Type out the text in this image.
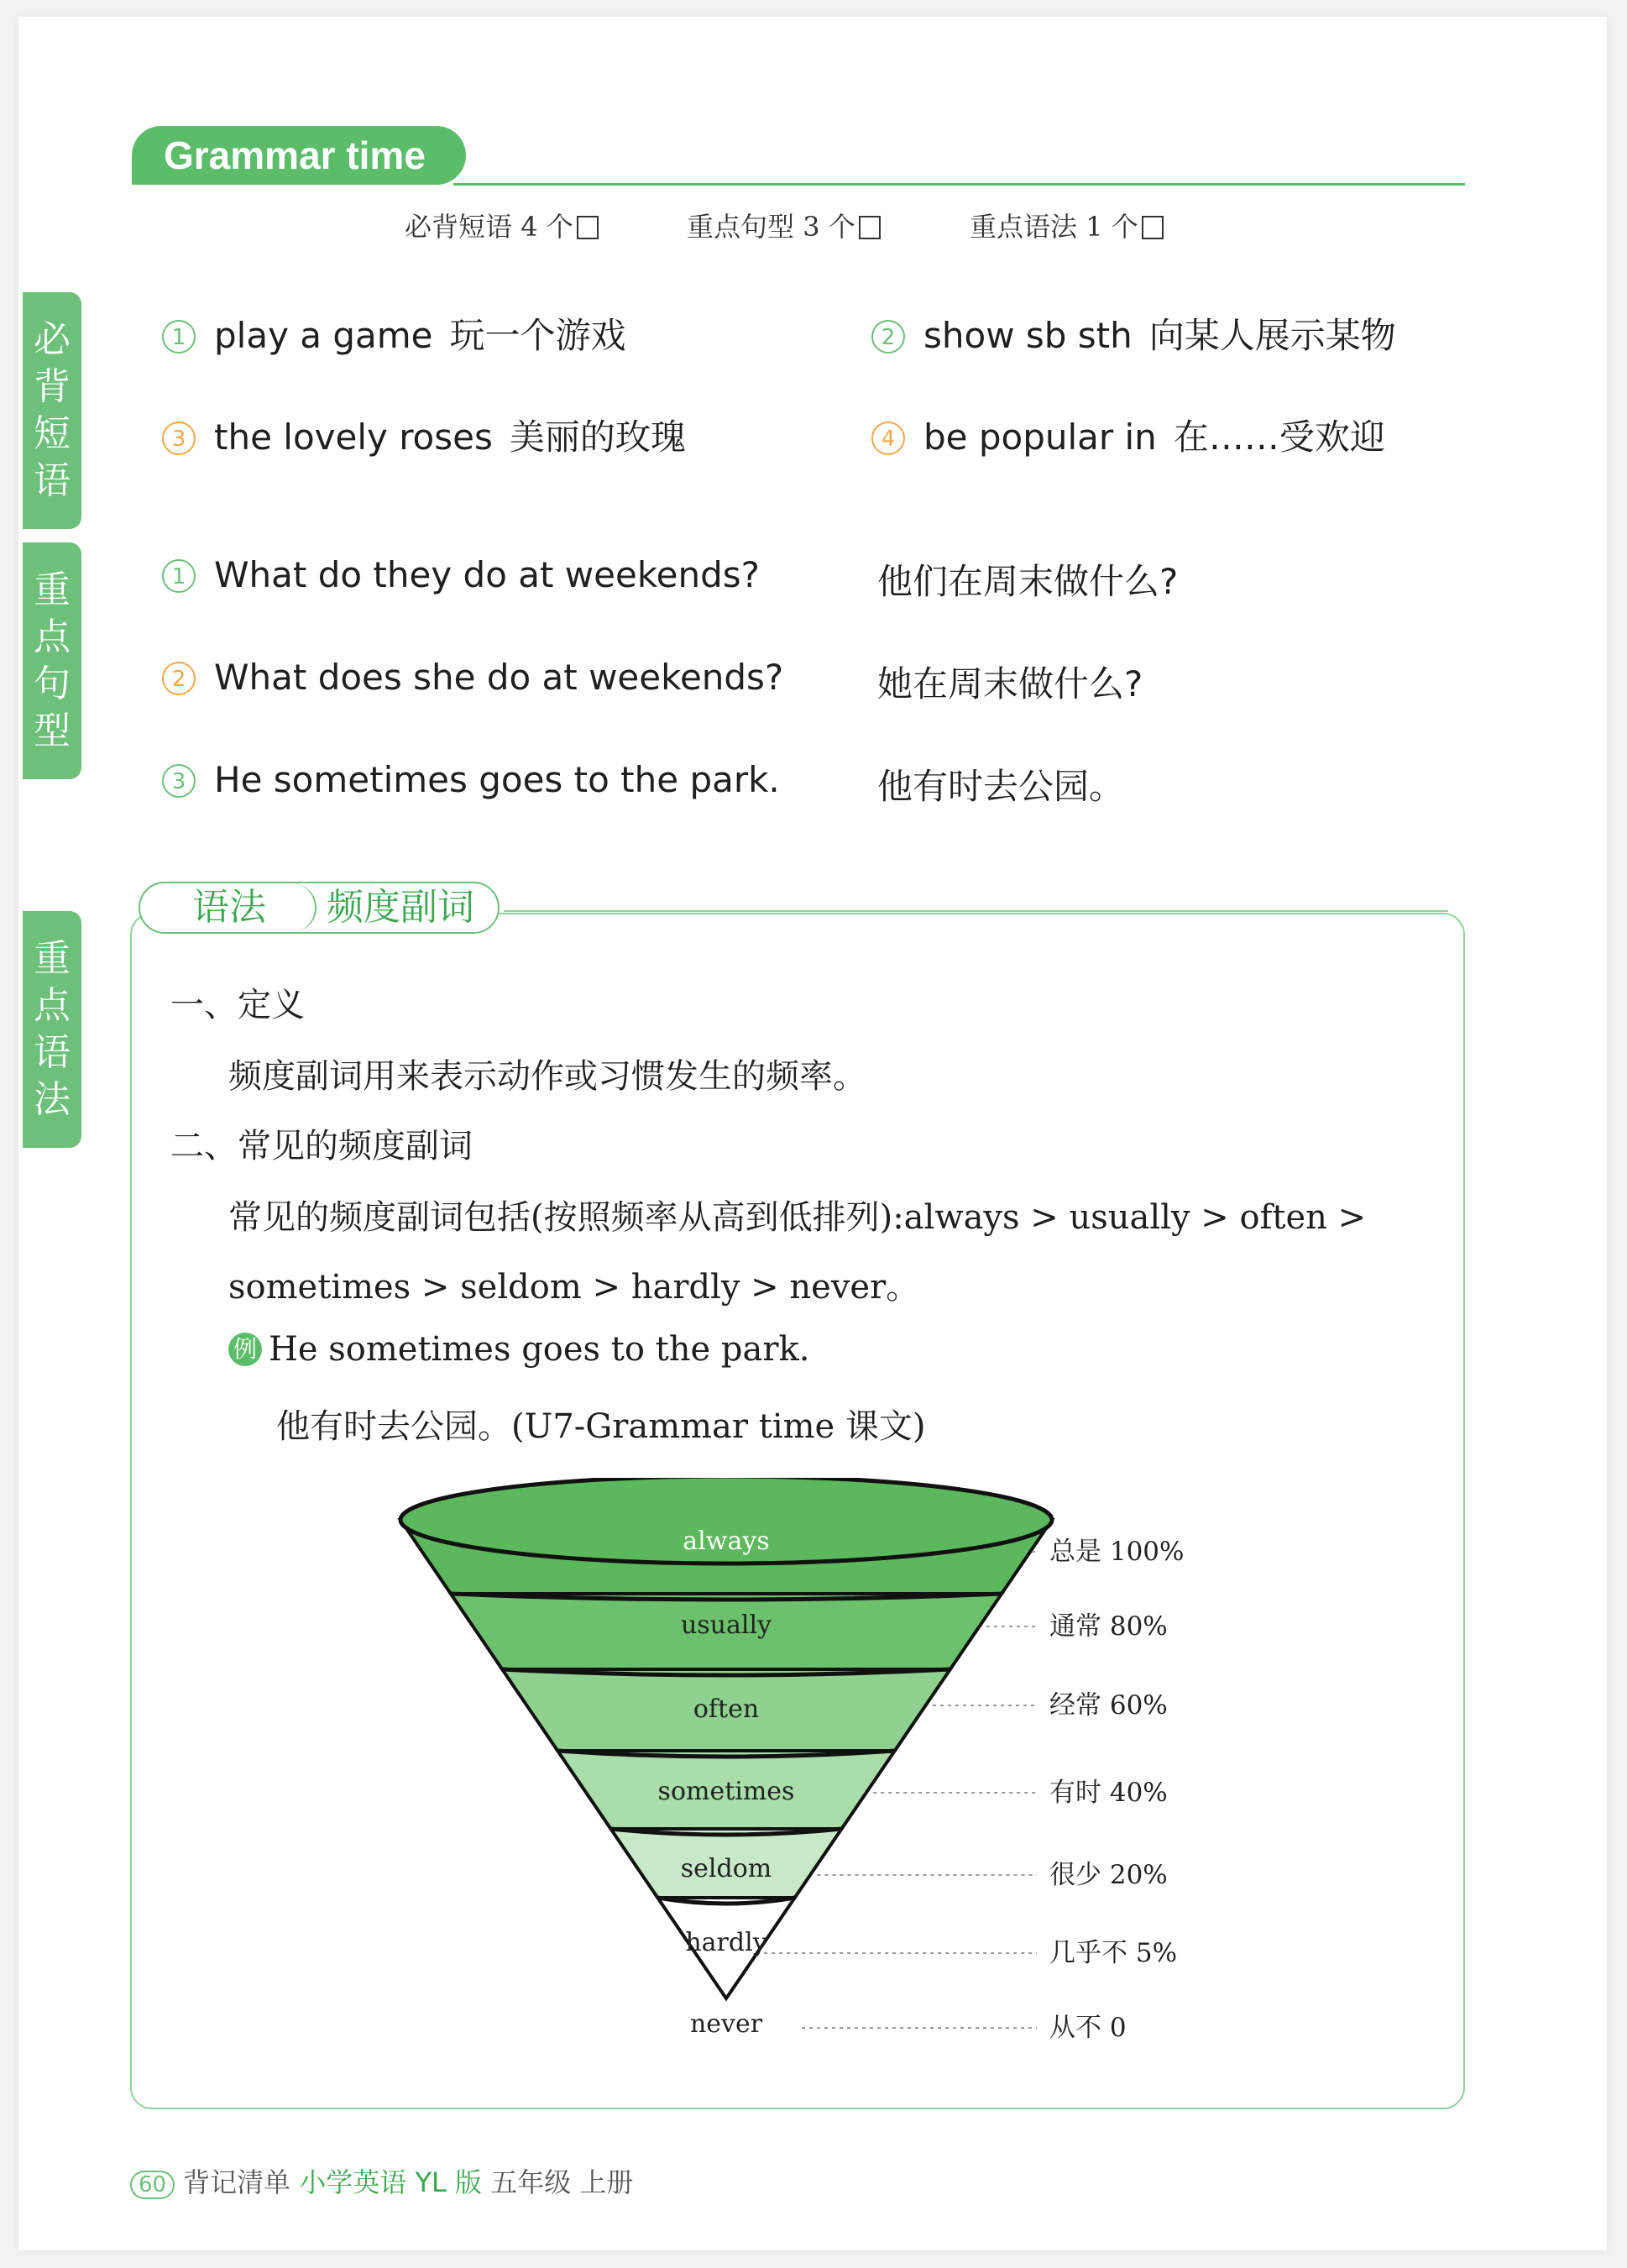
Grammar time
必背短语 4 个	重点句型 3 个	重点语法 1 个
必
背
短
语
重
点
句
型
重
点
语
法
1 play a game 玩一个游戏	2 show sb sth 向某人展示某物
3 the lovely roses 美丽的玫瑰	4 be popular in 在……受欢迎
1 What do they do at weekends?	他们在周末做什么?
2 What does she do at weekends?	她在周末做什么?
3 He sometimes goes to the park.	他有时去公园。
语法	频度副词
一、定义
频度副词用来表示动作或习惯发生的频率。
二、常见的频度副词
常见的频度副词包括(按照频率从高到低排列):always > usually > often >
sometimes > seldom > hardly > never。
例 He sometimes goes to the park.
他有时去公园。(U7-Grammar time 课文)
always
usually
often
sometimes
seldom
hardly
never
总是 100%
通常 80%
经常 60%
有时 40%
很少 20%
几乎不 5%
从不 0
60 背记清单 小学英语 YL 版 五年级 上册
